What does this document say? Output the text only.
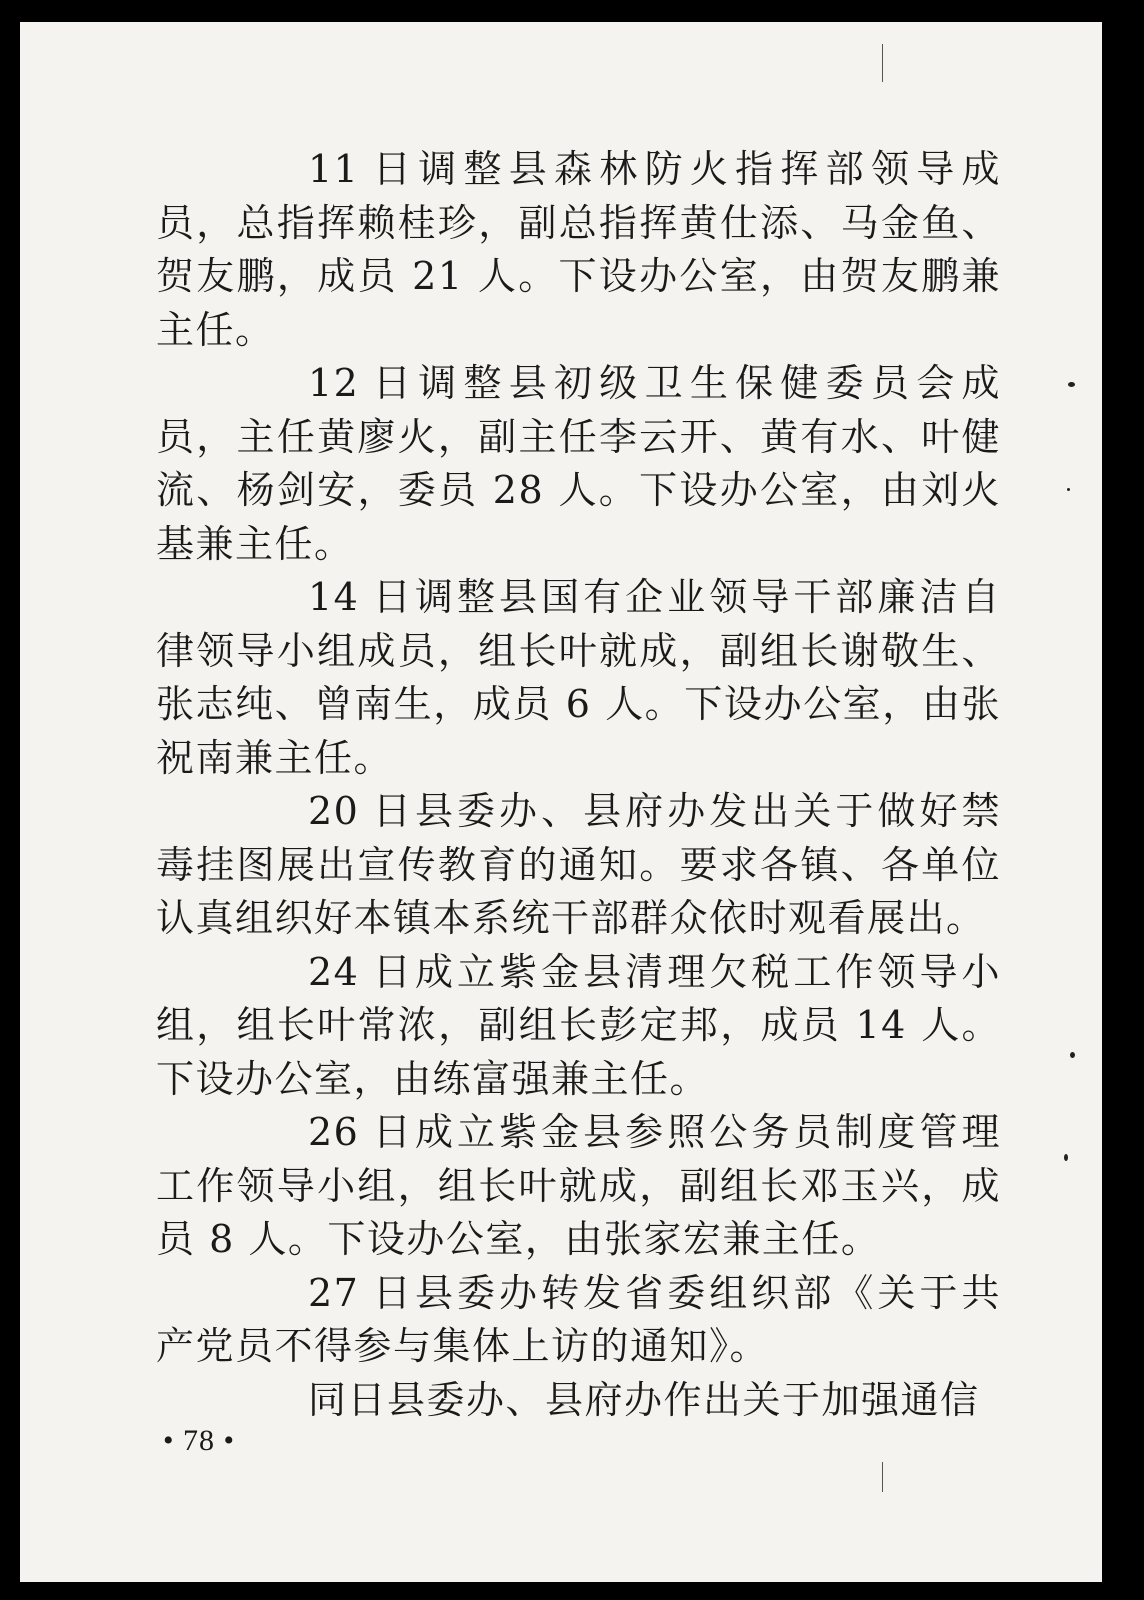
11 日调整县森林防火指挥部领导成员，总指挥赖桂珍，副总指挥黄仕添、马金鱼、贺友鹏，成员 21 人。下设办公室，由贺友鹏兼主任。

12 日调整县初级卫生保健委员会成员，主任黄廖火，副主任李云开、黄有水、叶健流、杨剑安，委员 28 人。下设办公室，由刘火基兼主任。

14 日调整县国有企业领导干部廉洁自律领导小组成员，组长叶就成，副组长谢敬生、张志纯、曾南生，成员 6 人。下设办公室，由张祝南兼主任。

20 日县委办、县府办发出关于做好禁毒挂图展出宣传教育的通知。要求各镇、各单位认真组织好本镇本系统干部群众依时观看展出。

24 日成立紫金县清理欠税工作领导小组，组长叶常浓，副组长彭定邦，成员 14 人。下设办公室，由练富强兼主任。

26 日成立紫金县参照公务员制度管理工作领导小组，组长叶就成，副组长邓玉兴，成员 8 人。下设办公室，由张家宏兼主任。

27 日县委办转发省委组织部《关于共产党员不得参与集体上访的通知》。

同日县委办、县府办作出关于加强通信

• 78 •
